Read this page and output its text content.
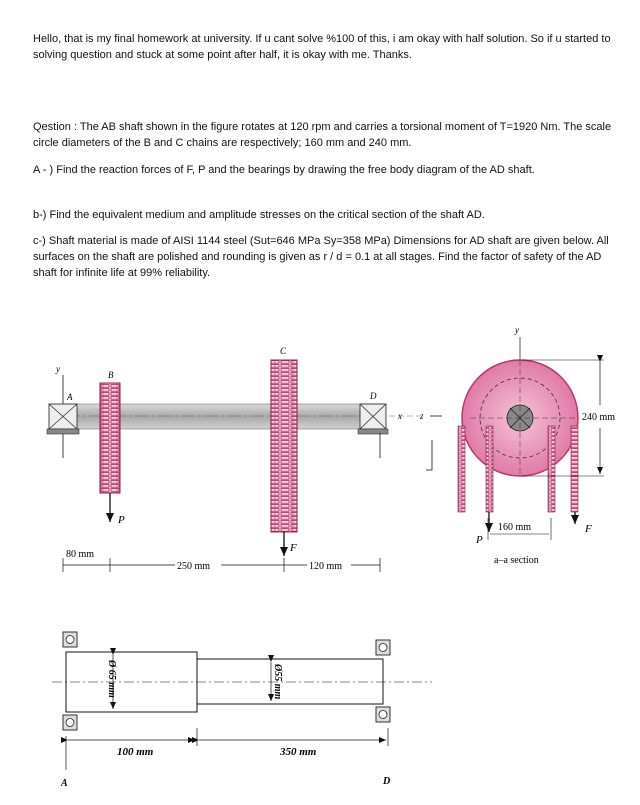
Hello, that is my final homework at university. If u cant solve %100 of this, i am okay with half solution. So if u started to solving question and stuck at some point after half, it is okay with me. Thanks.
Qestion : The AB shaft shown in the figure rotates at 120 rpm and carries a torsional moment of T=1920 Nm. The scale circle diameters of the B and C chains are respectively; 160 mm and 240 mm.
A - ) Find the reaction forces of F, P and the bearings by drawing the free body diagram of the AD shaft.
b-) Find the equivalent medium and amplitude stresses on the critical section of the shaft AD.
c-) Shaft material is made of AISI 1144 steel (Sut=646 MPa Sy=358 MPa) Dimensions for AD shaft are given below. All surfaces on the shaft are polished and rounding is given as r / d = 0.1 at all stages. Find the factor of safety of the AD shaft for infinite life at 99% reliability.
y
A	D
x z
B
P
C
F
80 mm
250 mm	120 mm
y
240 mm
160 mm
P
F
a–a section
Ø 65 mm	Ø55 mm
100 mm	350 mm
A	D
